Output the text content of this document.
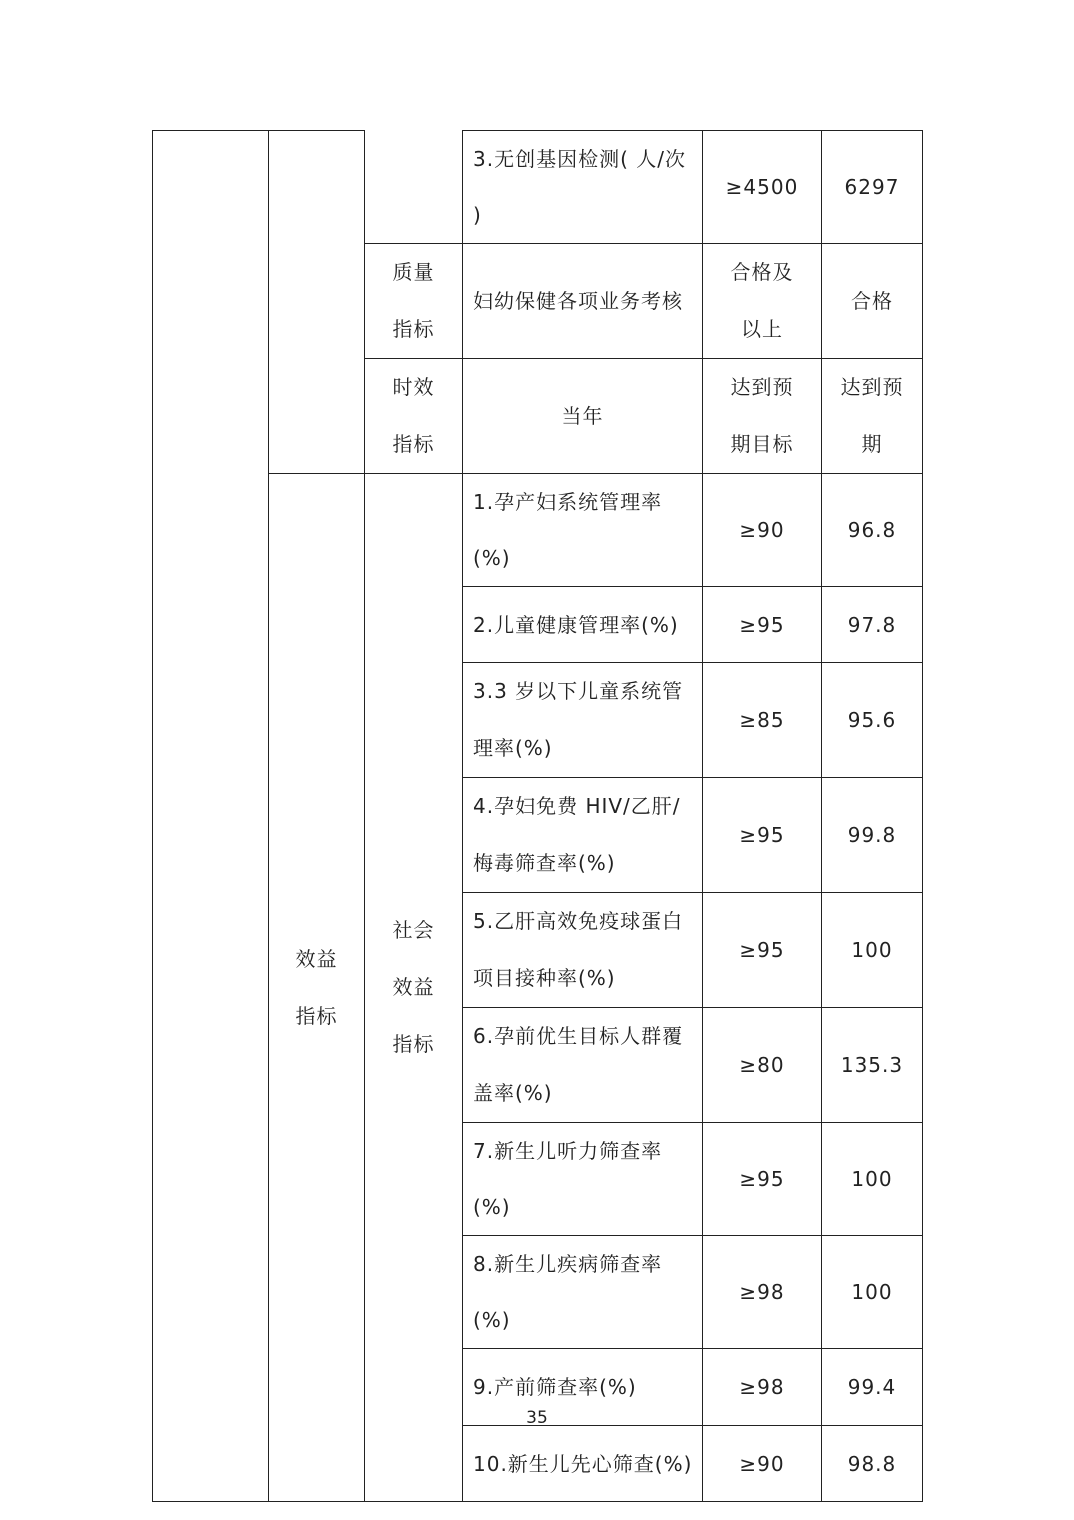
			3.无创基因检测( 人/次 )	≥4500	6297
		质量指标	妇幼保健各项业务考核	合格及以上	合格
		时效指标	当年	达到预期目标	达到预期
	效益指标	社会效益指标	1.孕产妇系统管理率(%)	≥90	96.8
			2.儿童健康管理率(%)	≥95	97.8
			3.3 岁以下儿童系统管理率(%)	≥85	95.6
			4.孕妇免费 HIV/乙肝/梅毒筛查率(%)	≥95	99.8
			5.乙肝高效免疫球蛋白项目接种率(%)	≥95	100
			6.孕前优生目标人群覆盖率(%)	≥80	135.3
			7.新生儿听力筛查率(%)	≥95	100
			8.新生儿疾病筛查率(%)	≥98	100
			9.产前筛查率(%)	≥98	99.4
			10.新生儿先心筛查(%)	≥90	98.8
35
